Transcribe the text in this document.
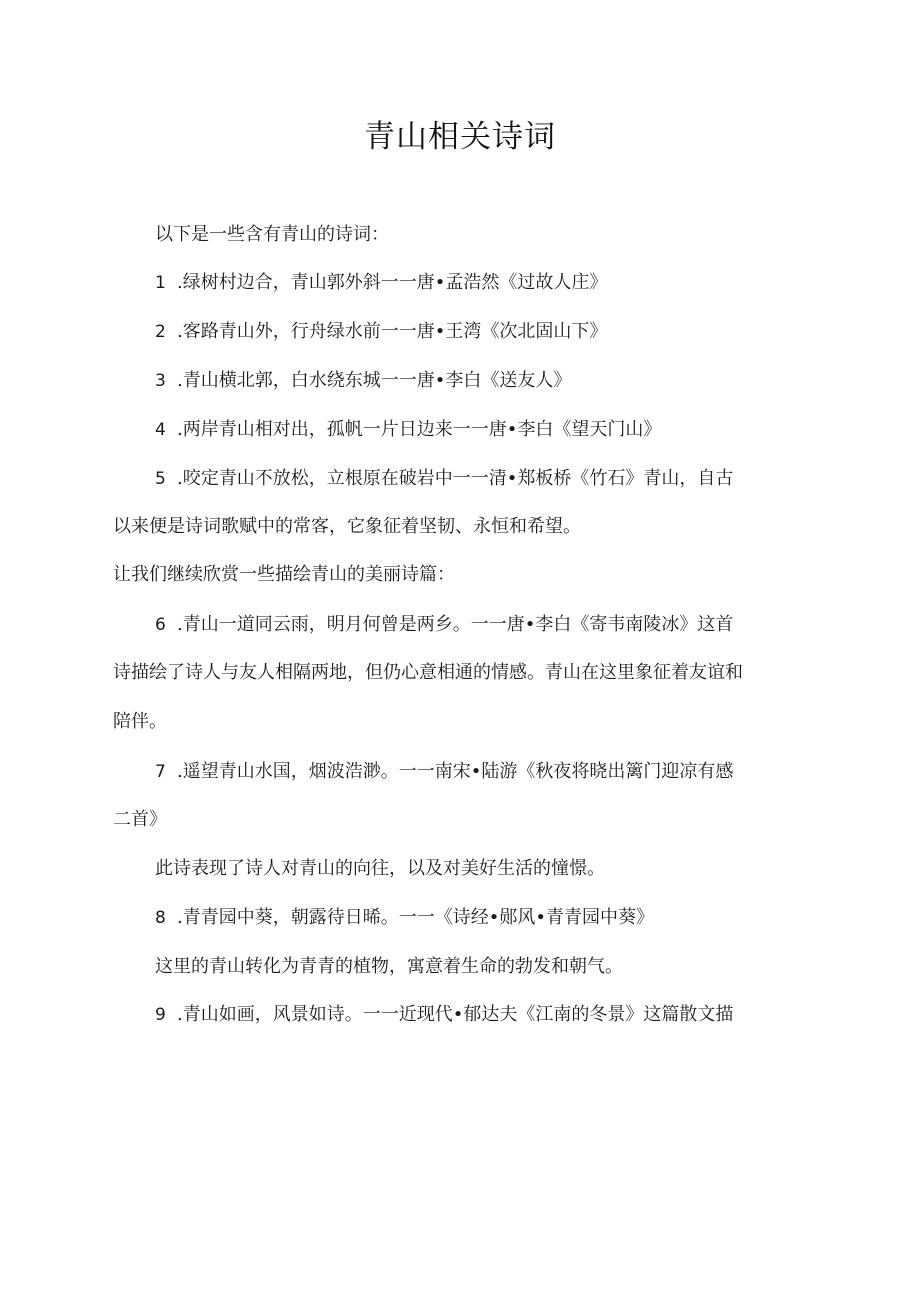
青山相关诗词
以下是一些含有青山的诗词：
1 .绿树村边合，青山郭外斜一一唐•孟浩然《过故人庄》
2 .客路青山外，行舟绿水前一一唐•王湾《次北固山下》
3 .青山横北郭，白水绕东城一一唐•李白《送友人》
4 .两岸青山相对出，孤帆一片日边来一一唐•李白《望天门山》
5 .咬定青山不放松，立根原在破岩中一一清•郑板桥《竹石》青山，自古
以来便是诗词歌赋中的常客，它象征着坚韧、永恒和希望。
让我们继续欣赏一些描绘青山的美丽诗篇：
6 .青山一道同云雨，明月何曾是两乡。一一唐•李白《寄韦南陵冰》这首
诗描绘了诗人与友人相隔两地，但仍心意相通的情感。青山在这里象征着友谊和
陪伴。
7 .遥望青山水国，烟波浩渺。一一南宋•陆游《秋夜将晓出篱门迎凉有感
二首》
此诗表现了诗人对青山的向往，以及对美好生活的憧憬。
8 .青青园中葵，朝露待日晞。一一《诗经•郧风•青青园中葵》
这里的青山转化为青青的植物，寓意着生命的勃发和朝气。
9 .青山如画，风景如诗。一一近现代•郁达夫《江南的冬景》这篇散文描
